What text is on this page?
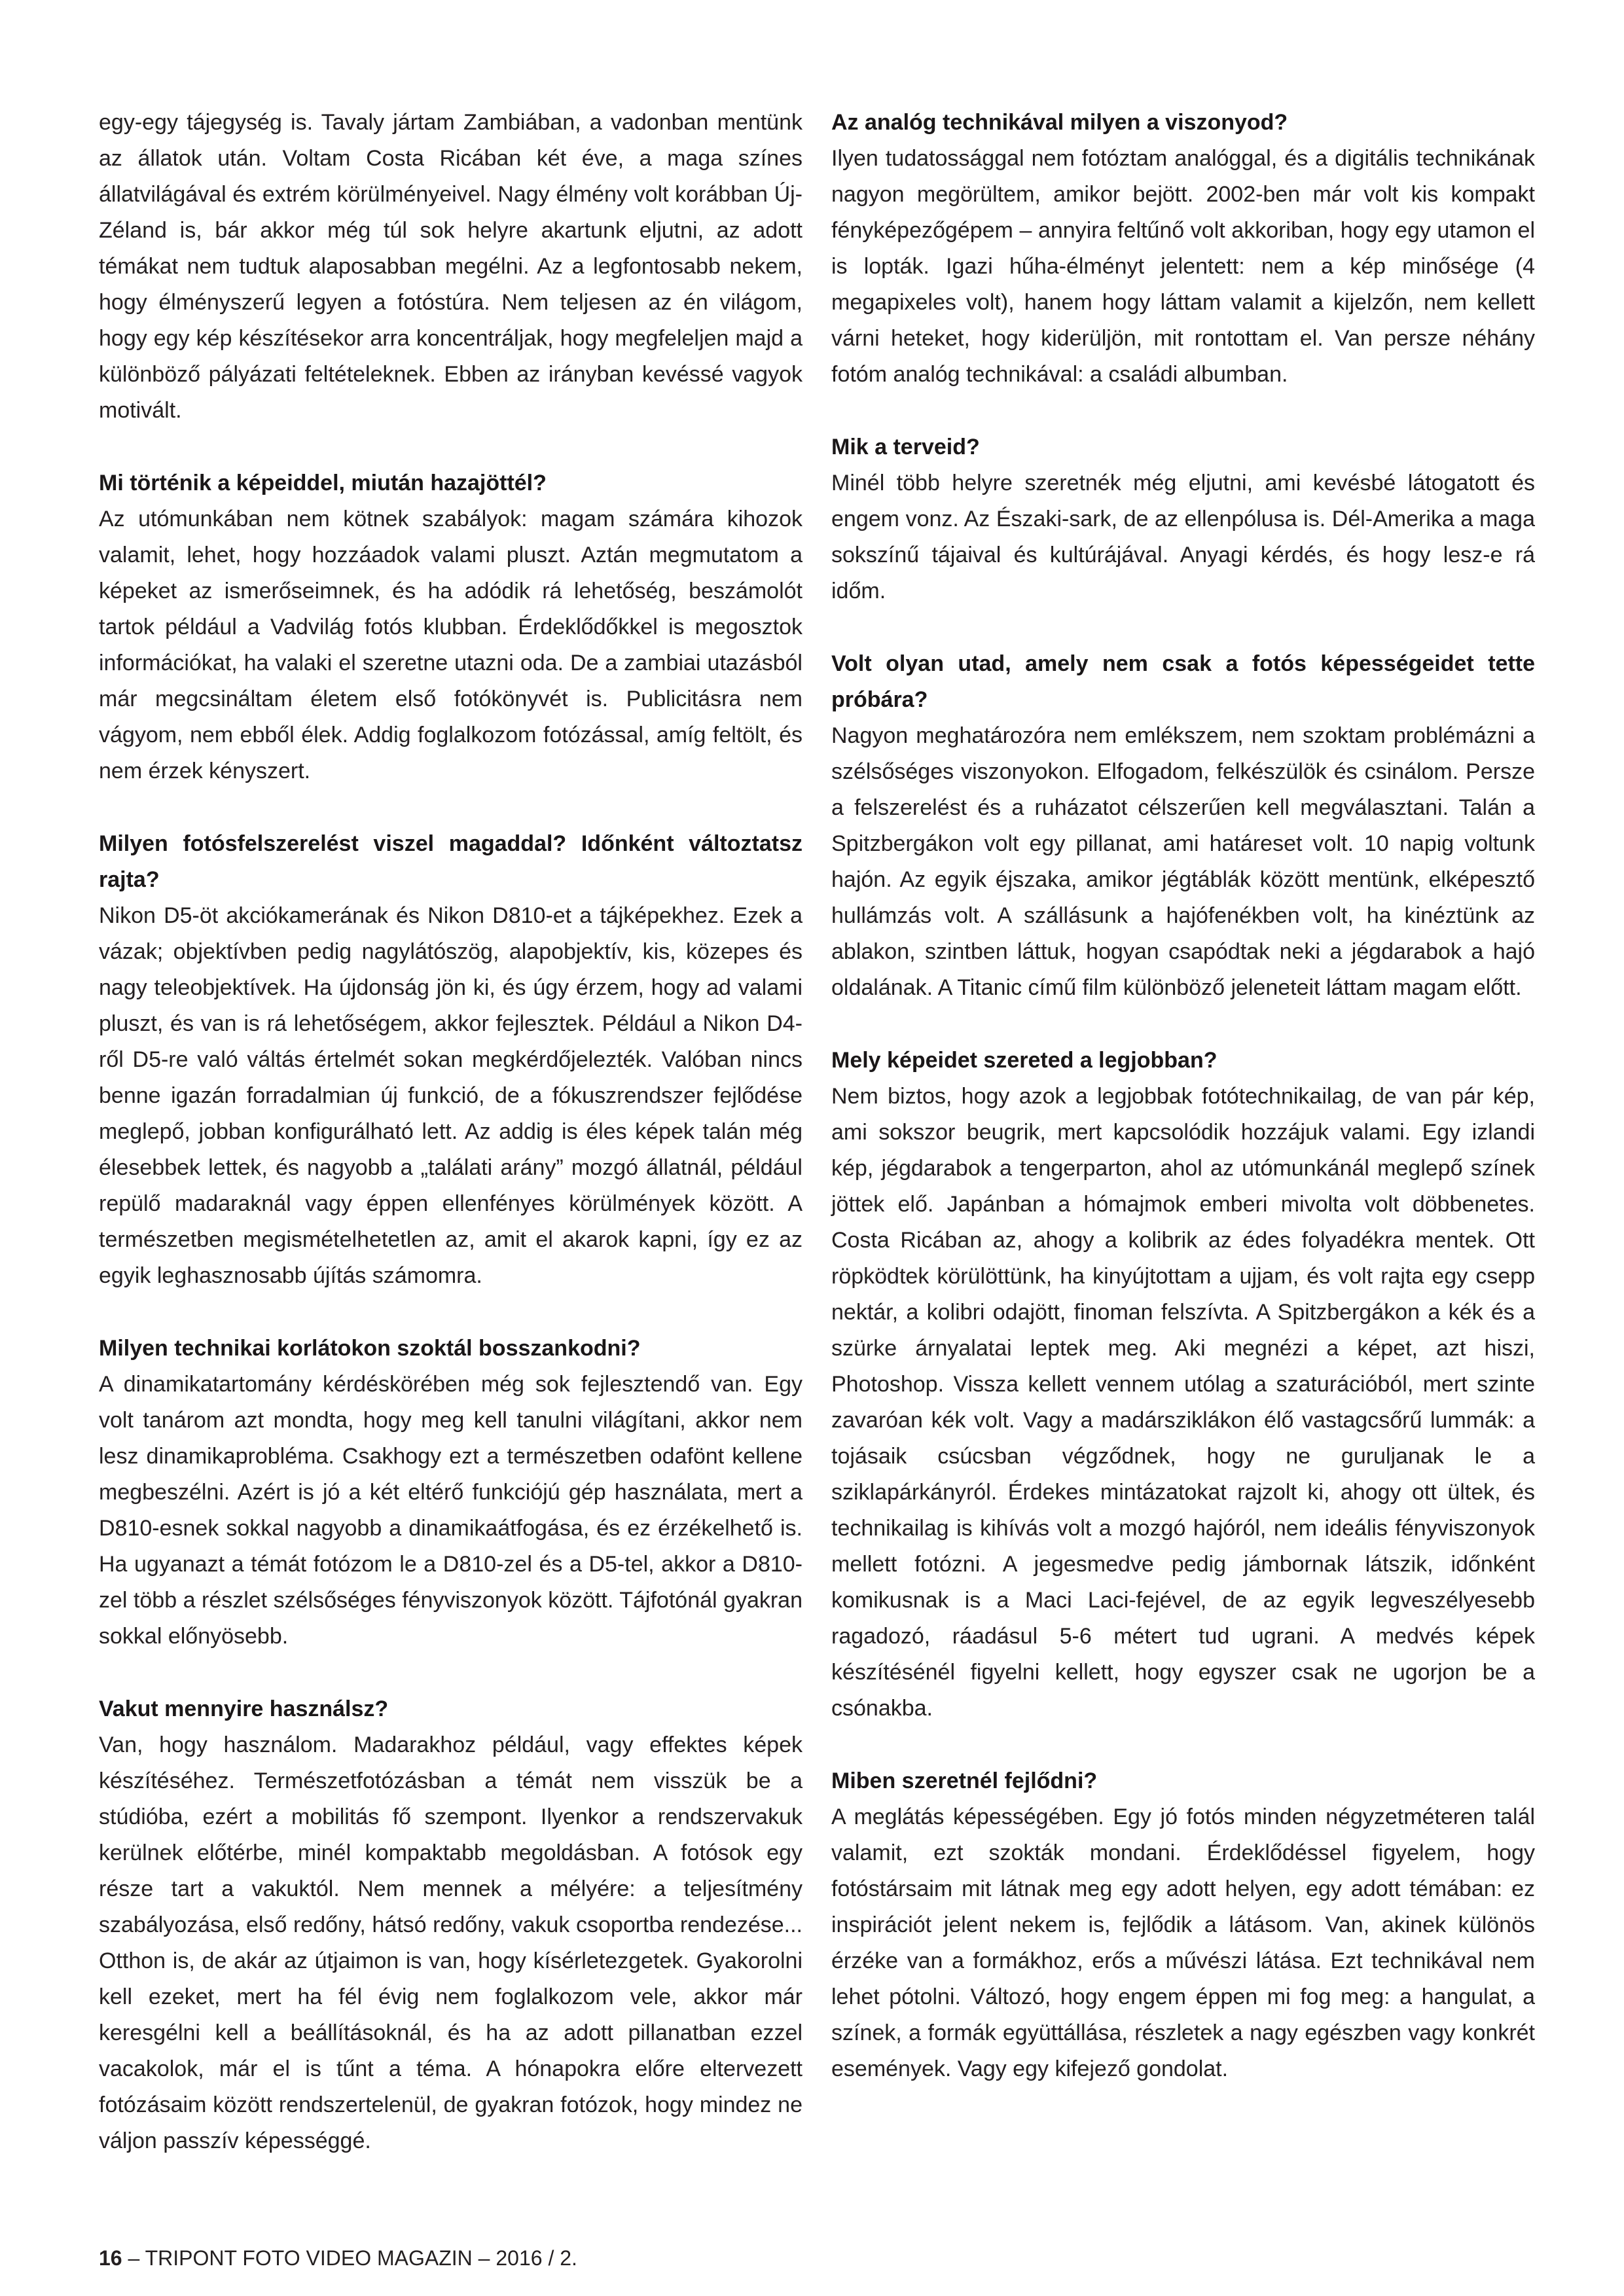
egy-egy tájegység is. Tavaly jártam Zambiában, a vadonban mentünk az állatok után. Voltam Costa Ricában két éve, a maga színes állatvilágával és extrém körülményeivel. Nagy élmény volt korábban Új-Zéland is, bár akkor még túl sok helyre akartunk eljutni, az adott témákat nem tudtuk alaposabban megélni. Az a legfontosabb nekem, hogy élményszerű legyen a fotóstúra. Nem teljesen az én világom, hogy egy kép készítésekor arra koncentráljak, hogy megfeleljen majd a különböző pályázati feltételeknek. Ebben az irányban kevéssé vagyok motivált.

Mi történik a képeiddel, miután hazajöttél?

Az utómunkában nem kötnek szabályok: magam számára kihozok valamit, lehet, hogy hozzáadok valami pluszt. Aztán megmutatom a képeket az ismerőseimnek, és ha adódik rá lehetőség, beszámolót tartok például a Vadvilág fotós klubban. Érdeklődőkkel is megosztok információkat, ha valaki el szeretne utazni oda. De a zambiai utazásból már megcsináltam életem első fotókönyvét is. Publicitásra nem vágyom, nem ebből élek. Addig foglalkozom fotózással, amíg feltölt, és nem érzek kényszert.

Milyen fotósfelszerelést viszel magaddal? Időnként változtatsz rajta?

Nikon D5-öt akciókamerának és Nikon D810-et a tájképekhez. Ezek a vázak; objektívben pedig nagylátószög, alapobjektív, kis, közepes és nagy teleobjektívek. Ha újdonság jön ki, és úgy érzem, hogy ad valami pluszt, és van is rá lehetőségem, akkor fejlesztek. Például a Nikon D4-ről D5-re való váltás értelmét sokan megkérdőjelezték. Valóban nincs benne igazán forradalmian új funkció, de a fókuszrendszer fejlődése meglepő, jobban konfigurálható lett. Az addig is éles képek talán még élesebbek lettek, és nagyobb a „találati arány” mozgó állatnál, például repülő madaraknál vagy éppen ellenfényes körülmények között. A természetben megismételhetetlen az, amit el akarok kapni, így ez az egyik leghasznosabb újítás számomra.

Milyen technikai korlátokon szoktál bosszankodni?

A dinamikatartomány kérdéskörében még sok fejlesztendő van. Egy volt tanárom azt mondta, hogy meg kell tanulni világítani, akkor nem lesz dinamikaprobléma. Csakhogy ezt a természetben odafönt kellene megbeszélni. Azért is jó a két eltérő funkciójú gép használata, mert a D810-esnek sokkal nagyobb a dinamikaátfogása, és ez érzékelhető is. Ha ugyanazt a témát fotózom le a D810-zel és a D5-tel, akkor a D810-zel több a részlet szélsőséges fényviszonyok között. Tájfotónál gyakran sokkal előnyösebb.

Vakut mennyire használsz?

Van, hogy használom. Madarakhoz például, vagy effektes képek készítéséhez. Természetfotózásban a témát nem visszük be a stúdióba, ezért a mobilitás fő szempont. Ilyenkor a rendszervakuk kerülnek előtérbe, minél kompaktabb megoldásban. A fotósok egy része tart a vakuktól. Nem mennek a mélyére: a teljesítmény szabályozása, első redőny, hátsó redőny, vakuk csoportba rendezése... Otthon is, de akár az útjaimon is van, hogy kísérletezgetek. Gyakorolni kell ezeket, mert ha fél évig nem foglalkozom vele, akkor már keresgélni kell a beállításoknál, és ha az adott pillanatban ezzel vacakolok, már el is tűnt a téma. A hónapokra előre eltervezett fotózásaim között rendszertelenül, de gyakran fotózok, hogy mindez ne váljon passzív képességgé.

Az analóg technikával milyen a viszonyod?

Ilyen tudatossággal nem fotóztam analóggal, és a digitális technikának nagyon megörültem, amikor bejött. 2002-ben már volt kis kompakt fényképezőgépem – annyira feltűnő volt akkoriban, hogy egy utamon el is lopták. Igazi hűha-élményt jelentett: nem a kép minősége (4 megapixeles volt), hanem hogy láttam valamit a kijelzőn, nem kellett várni heteket, hogy kiderüljön, mit rontottam el. Van persze néhány fotóm analóg technikával: a családi albumban.

Mik a terveid?

Minél több helyre szeretnék még eljutni, ami kevésbé látogatott és engem vonz. Az Északi-sark, de az ellenpólusa is. Dél-Amerika a maga sokszínű tájaival és kultúrájával. Anyagi kérdés, és hogy lesz-e rá időm.

Volt olyan utad, amely nem csak a fotós képességeidet tette próbára?

Nagyon meghatározóra nem emlékszem, nem szoktam problémázni a szélsőséges viszonyokon. Elfogadom, felkészülök és csinálom. Persze a felszerelést és a ruházatot célszerűen kell megválasztani. Talán a Spitzbergákon volt egy pillanat, ami határeset volt. 10 napig voltunk hajón. Az egyik éjszaka, amikor jégtáblák között mentünk, elképesztő hullámzás volt. A szállásunk a hajófenékben volt, ha kinéztünk az ablakon, szintben láttuk, hogyan csapódtak neki a jégdarabok a hajó oldalának. A Titanic című film különböző jeleneteit láttam magam előtt.

Mely képeidet szereted a legjobban?

Nem biztos, hogy azok a legjobbak fotótechnikailag, de van pár kép, ami sokszor beugrik, mert kapcsolódik hozzájuk valami. Egy izlandi kép, jégdarabok a tengerparton, ahol az utómunkánál meglepő színek jöttek elő. Japánban a hómajmok emberi mivolta volt döbbenetes. Costa Ricában az, ahogy a kolibrik az édes folyadékra mentek. Ott röpködtek körülöttünk, ha kinyújtottam a ujjam, és volt rajta egy csepp nektár, a kolibri odajött, finoman felszívta. A Spitzbergákon a kék és a szürke árnyalatai leptek meg. Aki megnézi a képet, azt hiszi, Photoshop. Vissza kellett vennem utólag a szaturációból, mert szinte zavaróan kék volt. Vagy a madársziklákon élő vastagcsőrű lummák: a tojásaik csúcsban végződnek, hogy ne guruljanak le a sziklapárkányról. Érdekes mintázatokat rajzolt ki, ahogy ott ültek, és technikailag is kihívás volt a mozgó hajóról, nem ideális fényviszonyok mellett fotózni. A jegesmedve pedig jámbornak látszik, időnként komikusnak is a Maci Laci-fejével, de az egyik legveszélyesebb ragadozó, ráadásul 5-6 métert tud ugrani. A medvés képek készítésénél figyelni kellett, hogy egyszer csak ne ugorjon be a csónakba.

Miben szeretnél fejlődni?

A meglátás képességében. Egy jó fotós minden négyzetméteren talál valamit, ezt szokták mondani. Érdeklődéssel figyelem, hogy fotóstársaim mit látnak meg egy adott helyen, egy adott témában: ez inspirációt jelent nekem is, fejlődik a látásom. Van, akinek különös érzéke van a formákhoz, erős a művészi látása. Ezt technikával nem lehet pótolni. Változó, hogy engem éppen mi fog meg: a hangulat, a színek, a formák együttállása, részletek a nagy egészben vagy konkrét események. Vagy egy kifejező gondolat.

16 – TRIPONT FOTO VIDEO MAGAZIN – 2016 / 2.
